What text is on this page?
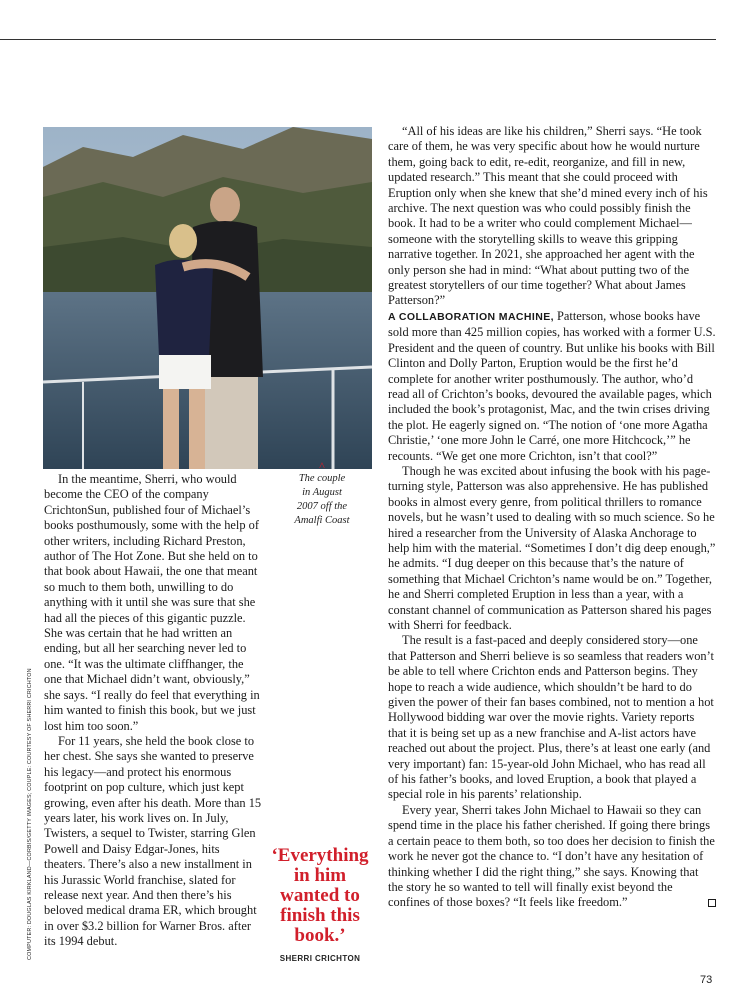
COMPUTER: DOUGLAS KIRKLAND—CORBIS/GETTY IMAGES; COUPLE: COURTESY OF SHERRI CRICHTON
^
The couple
in August
2007 off the
Amalfi Coast

In the meantime, Sherri, who would become the CEO of the company CrichtonSun, published four of Michael’s books posthumously, some with the help of other writers, including Richard Preston, author of The Hot Zone. But she held on to that book about Hawaii, the one that meant so much to them both, unwilling to do anything with it until she was sure that she had all the pieces of this gigantic puzzle. She was certain that he had written an ending, but all her searching never led to one. “It was the ultimate cliffhanger, the one that Michael didn’t want, obviously,” she says. “I really do feel that everything in him wanted to finish this book, but we just lost him too soon.”

For 11 years, she held the book close to her chest. She says she wanted to preserve his legacy—and protect his enormous footprint on pop culture, which just kept growing, even after his death. More than 15 years later, his work lives on. In July, Twisters, a sequel to Twister, starring Glen Powell and Daisy Edgar-Jones, hits theaters. There’s also a new installment in his Jurassic World franchise, slated for release next year. And then there’s his beloved medical drama ER, which brought in over $3.2 billion for Warner Bros. after its 1994 debut.

‘Everything in him wanted to finish this book.’
SHERRI CRICHTON

“All of his ideas are like his children,” Sherri says. “He took care of them, he was very specific about how he would nurture them, going back to edit, re-edit, reorganize, and fill in new, updated research.” This meant that she could proceed with Eruption only when she knew that she’d mined every inch of his archive. The next question was who could possibly finish the book. It had to be a writer who could complement Michael—someone with the storytelling skills to weave this gripping narrative together. In 2021, she approached her agent with the only person she had in mind: “What about putting two of the greatest storytellers of our time together? What about James Patterson?”

A COLLABORATION MACHINE, Patterson, whose books have sold more than 425 million copies, has worked with a former U.S. President and the queen of country. But unlike his books with Bill Clinton and Dolly Parton, Eruption would be the first he’d complete for another writer posthumously. The author, who’d read all of Crichton’s books, devoured the available pages, which included the book’s protagonist, Mac, and the twin crises driving the plot. He eagerly signed on. “The notion of ‘one more Agatha Christie,’ ‘one more John le Carré, one more Hitchcock,’” he recounts. “We get one more Crichton, isn’t that cool?”

Though he was excited about infusing the book with his page-turning style, Patterson was also apprehensive. He has published books in almost every genre, from political thrillers to romance novels, but he wasn’t used to dealing with so much science. So he hired a researcher from the University of Alaska Anchorage to help him with the material. “Sometimes I don’t dig deep enough,” he admits. “I dug deeper on this because that’s the nature of something that Michael Crichton’s name would be on.” Together, he and Sherri completed Eruption in less than a year, with a constant channel of communication as Patterson shared his pages with Sherri for feedback.

The result is a fast-paced and deeply considered story—one that Patterson and Sherri believe is so seamless that readers won’t be able to tell where Crichton ends and Patterson begins. They hope to reach a wide audience, which shouldn’t be hard to do given the power of their fan bases combined, not to mention a hot Hollywood bidding war over the movie rights. Variety reports that it is being set up as a new franchise and A-list actors have reached out about the project. Plus, there’s at least one early (and very important) fan: 15-year-old John Michael, who has read all of his father’s books, and loved Eruption, a book that played a special role in his parents’ relationship.

Every year, Sherri takes John Michael to Hawaii so they can spend time in the place his father cherished. If going there brings a certain peace to them both, so too does her decision to finish the work he never got the chance to. “I don’t have any hesitation of thinking whether I did the right thing,” she says. Knowing that the story he so wanted to tell will finally exist beyond the confines of those boxes? “It feels like freedom.”

73
